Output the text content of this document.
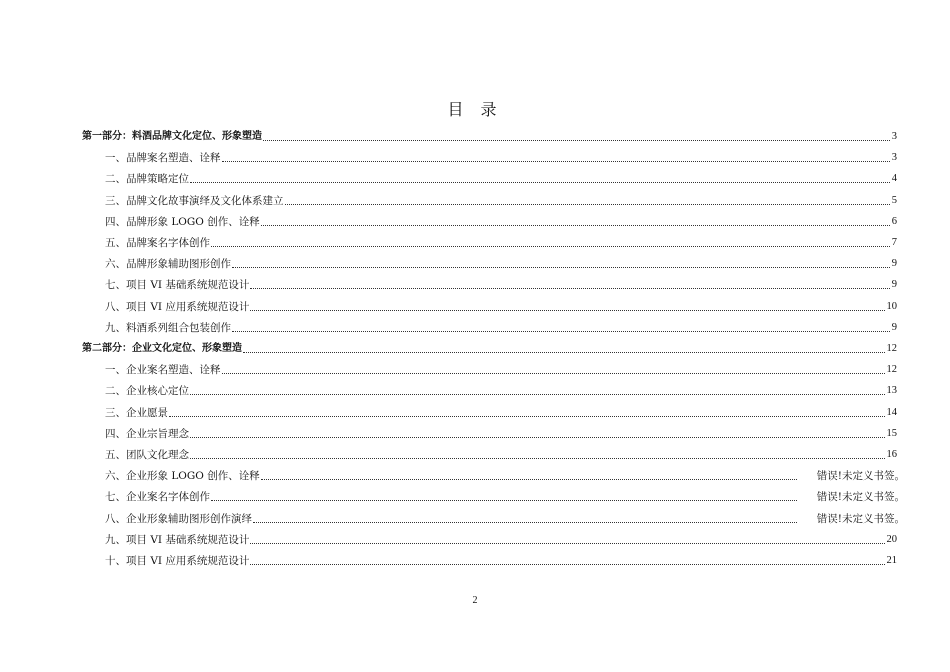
目 录
第一部分：料酒品牌文化定位、形象塑造	3
一、品牌案名塑造、诠释	3
二、品牌策略定位	4
三、品牌文化故事演绎及文化体系建立	5
四、品牌形象 LOGO 创作、诠释	6
五、品牌案名字体创作	7
六、品牌形象辅助图形创作	9
七、项目 VI 基础系统规范设计	9
八、项目 VI 应用系统规范设计	10
九、料酒系列组合包装创作	9
第二部分：企业文化定位、形象塑造	12
一、企业案名塑造、诠释	12
二、企业核心定位	13
三、企业愿景	14
四、企业宗旨理念	15
五、团队文化理念	16
六、企业形象 LOGO 创作、诠释	错误!未定义书签。
七、企业案名字体创作	错误!未定义书签。
八、企业形象辅助图形创作演绎	错误!未定义书签。
九、项目 VI 基础系统规范设计	20
十、项目 VI 应用系统规范设计	21
2
